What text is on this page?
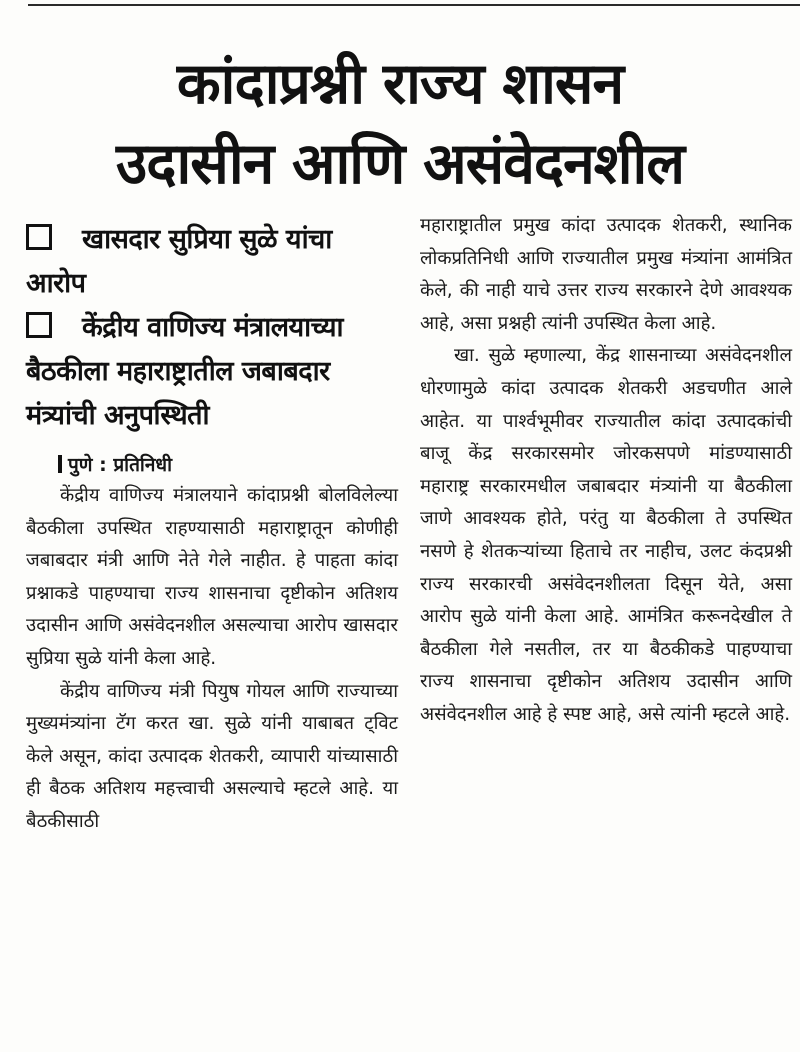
कांदाप्रश्नी राज्य शासन
उदासीन आणि असंवेदनशील
खासदार सुप्रिया सुळे यांचा आरोप
केंद्रीय वाणिज्य मंत्रालयाच्या बैठकीला महाराष्ट्रातील जबाबदार मंत्र्यांची अनुपस्थिती
पुणे : प्रतिनिधी

केंद्रीय वाणिज्य मंत्रालयाने कांदाप्रश्नी बोलविलेल्या बैठकीला उपस्थित राहण्यासाठी महाराष्ट्रातून कोणीही जबाबदार मंत्री आणि नेते गेले नाहीत. हे पाहता कांदा प्रश्नाकडे पाहण्याचा राज्य शासनाचा दृष्टीकोन अतिशय उदासीन आणि असंवेदनशील असल्याचा आरोप खासदार सुप्रिया सुळे यांनी केला आहे.

केंद्रीय वाणिज्य मंत्री पियुष गोयल आणि राज्याच्या मुख्यमंत्र्यांना टॅग करत खा. सुळे यांनी याबाबत ट्विट केले असून, कांदा उत्पादक शेतकरी, व्यापारी यांच्यासाठी ही बैठक अतिशय महत्त्वाची असल्याचे म्हटले आहे. या बैठकीसाठी

महाराष्ट्रातील प्रमुख कांदा उत्पादक शेतकरी, स्थानिक लोकप्रतिनिधी आणि राज्यातील प्रमुख मंत्र्यांना आमंत्रित केले, की नाही याचे उत्तर राज्य सरकारने देणे आवश्यक आहे, असा प्रश्नही त्यांनी उपस्थित केला आहे.

खा. सुळे म्हणाल्या, केंद्र शासनाच्या असंवेदनशील धोरणामुळे कांदा उत्पादक शेतकरी अडचणीत आले आहेत. या पार्श्वभूमीवर राज्यातील कांदा उत्पादकांची बाजू केंद्र सरकारसमोर जोरकसपणे मांडण्यासाठी महाराष्ट्र सरकारमधील जबाबदार मंत्र्यांनी या बैठकीला जाणे आवश्यक होते, परंतु या बैठकीला ते उपस्थित नसणे हे शेतकऱ्यांच्या हिताचे तर नाहीच, उलट कंदप्रश्नी राज्य सरकारची असंवेदनशीलता दिसून येते, असा आरोप सुळे यांनी केला आहे. आमंत्रित करूनदेखील ते बैठकीला गेले नसतील, तर या बैठकीकडे पाहण्याचा राज्य शासनाचा दृष्टीकोन अतिशय उदासीन आणि असंवेदनशील आहे हे स्पष्ट आहे, असे त्यांनी म्हटले आहे.
